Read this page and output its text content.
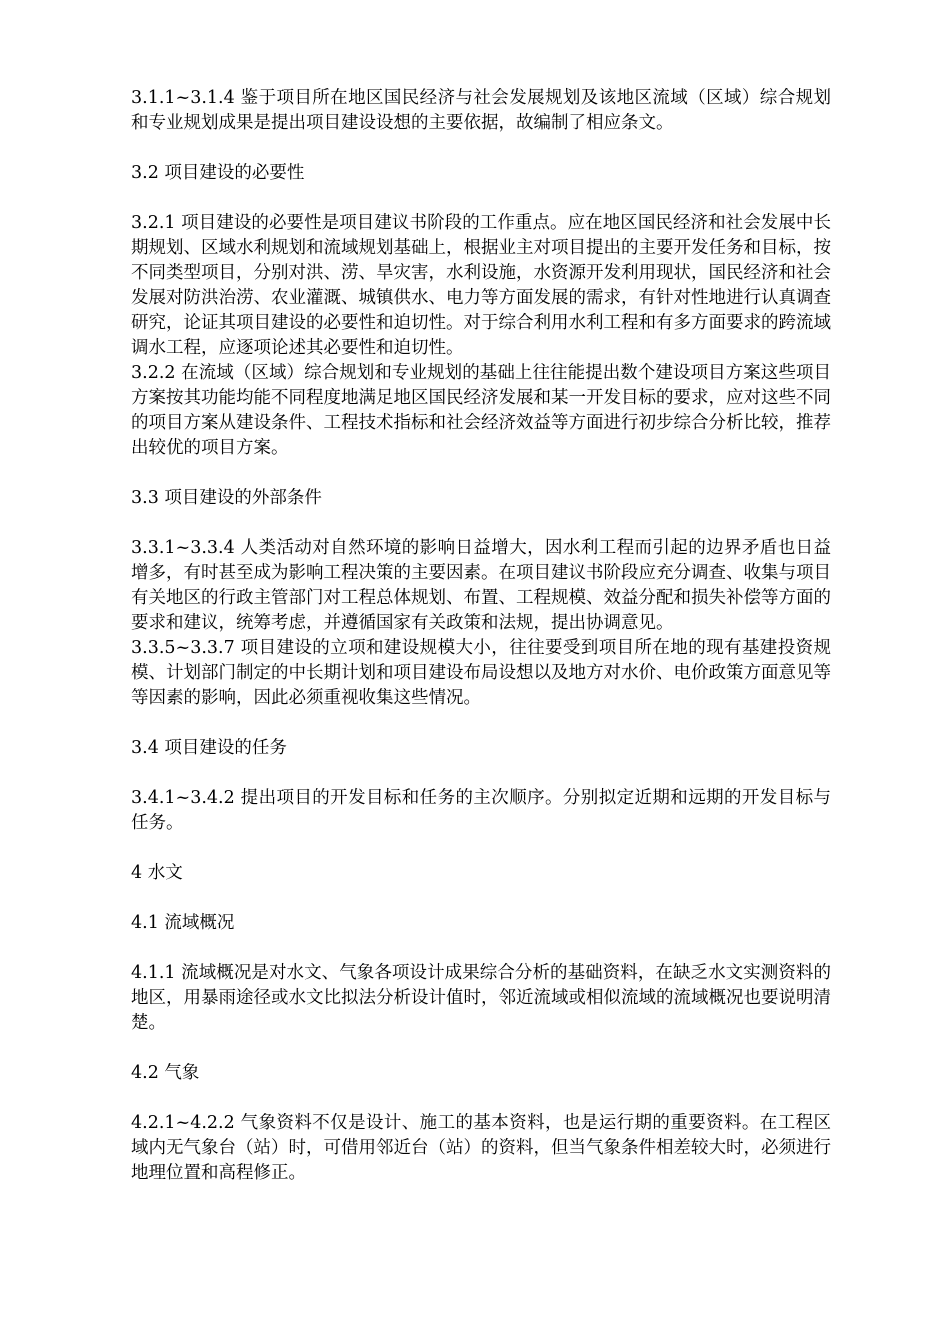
3.1.1~3.1.4 鉴于项目所在地区国民经济与社会发展规划及该地区流域（区域）综合规划和专业规划成果是提出项目建设设想的主要依据，故编制了相应条文。
3.2 项目建设的必要性
3.2.1 项目建设的必要性是项目建议书阶段的工作重点。应在地区国民经济和社会发展中长期规划、区域水利规划和流域规划基础上，根据业主对项目提出的主要开发任务和目标，按不同类型项目，分别对洪、涝、旱灾害，水利设施，水资源开发利用现状，国民经济和社会发展对防洪治涝、农业灌溉、城镇供水、电力等方面发展的需求，有针对性地进行认真调查研究，论证其项目建设的必要性和迫切性。对于综合利用水利工程和有多方面要求的跨流域调水工程，应逐项论述其必要性和迫切性。
3.2.2 在流域（区域）综合规划和专业规划的基础上往往能提出数个建设项目方案这些项目方案按其功能均能不同程度地满足地区国民经济发展和某一开发目标的要求，应对这些不同的项目方案从建设条件、工程技术指标和社会经济效益等方面进行初步综合分析比较，推荐出较优的项目方案。
3.3 项目建设的外部条件
3.3.1~3.3.4 人类活动对自然环境的影响日益增大，因水利工程而引起的边界矛盾也日益增多，有时甚至成为影响工程决策的主要因素。在项目建议书阶段应充分调查、收集与项目有关地区的行政主管部门对工程总体规划、布置、工程规模、效益分配和损失补偿等方面的要求和建议，统筹考虑，并遵循国家有关政策和法规，提出协调意见。
3.3.5~3.3.7 项目建设的立项和建设规模大小，往往要受到项目所在地的现有基建投资规模、计划部门制定的中长期计划和项目建设布局设想以及地方对水价、电价政策方面意见等等因素的影响，因此必须重视收集这些情况。
3.4 项目建设的任务
3.4.1~3.4.2 提出项目的开发目标和任务的主次顺序。分别拟定近期和远期的开发目标与任务。
4 水文
4.1 流域概况
4.1.1 流域概况是对水文、气象各项设计成果综合分析的基础资料，在缺乏水文实测资料的地区，用暴雨途径或水文比拟法分析设计值时，邻近流域或相似流域的流域概况也要说明清楚。
4.2 气象
4.2.1~4.2.2 气象资料不仅是设计、施工的基本资料，也是运行期的重要资料。在工程区域内无气象台（站）时，可借用邻近台（站）的资料，但当气象条件相差较大时，必须进行地理位置和高程修正。
